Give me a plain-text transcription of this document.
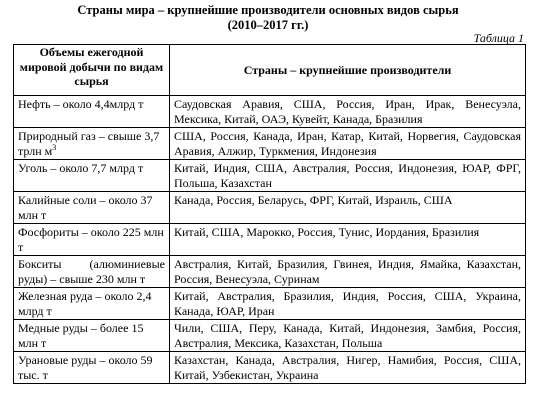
Страны мира – крупнейшие производители основных видов сырья
(2010–2017 гг.)
Таблица 1
Объемы ежегодной мировой добычи по видам сырья	Страны – крупнейшие производители
Нефть – около 4,4млрд т	Саудовская Аравия, США, Россия, Иран, Ирак, Венесуэла, Мексика, Китай, ОАЭ, Кувейт, Канада, Бразилия
Природный газ – свыше 3,7 трлн $м^3$	США, Россия, Канада, Иран, Катар, Китай, Норвегия, Саудовская Аравия, Алжир, Туркмения, Индонезия
Уголь – около 7,7 млрд т	Китай, Индия, США, Австралия, Россия, Индонезия, ЮАР, ФРГ, Польша, Казахстан
Калийные соли – около 37 млн т	Канада, Россия, Беларусь, ФРГ, Китай, Израиль, США
Фосфориты – около 225 млн т	Китай, США, Марокко, Россия, Тунис, Иордания, Бразилия
Бокситы (алюминиевые руды) – свыше 230 млн т	Австралия, Китай, Бразилия, Гвинея, Индия, Ямайка, Казахстан, Россия, Венесуэла, Суринам
Железная руда – около 2,4 млрд т	Китай, Австралия, Бразилия, Индия, Россия, США, Украина, Канада, ЮАР, Иран
Медные руды – более 15 млн т	Чили, США, Перу, Канада, Китай, Индонезия, Замбия, Россия, Австралия, Мексика, Казахстан, Польша
Урановые руды – около 59 тыс. т	Казахстан, Канада, Австралия, Нигер, Намибия, Россия, США, Китай, Узбекистан, Украина
